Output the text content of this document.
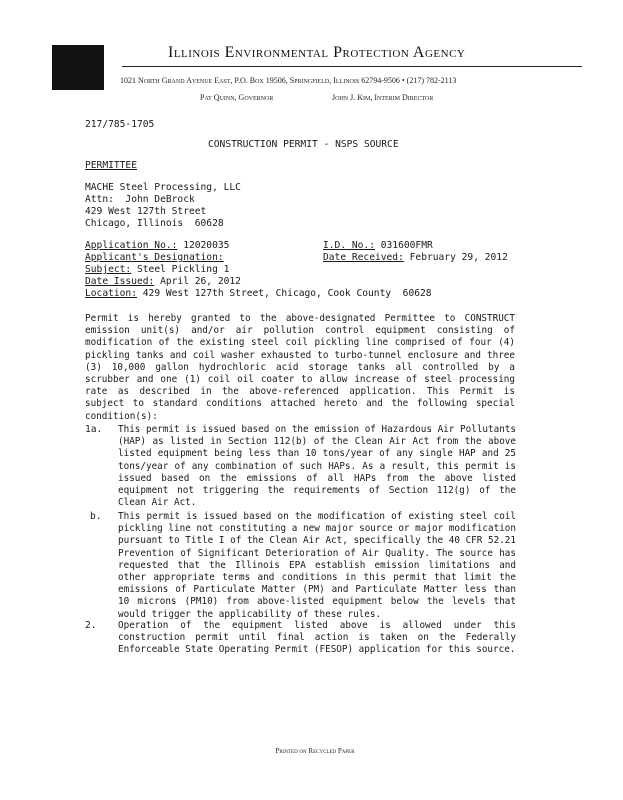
Illinois Environmental Protection Agency
1021 North Grand Avenue East, P.O. Box 19506, Springfield, Illinois 62794-9506 • (217) 782-2113
Pat Quinn, Governor	John J. Kim, Interim Director
217/785-1705
CONSTRUCTION PERMIT - NSPS SOURCE
PERMITTEE
MACHE Steel Processing, LLC
Attn:  John DeBrock
429 West 127th Street
Chicago, Illinois  60628
Application No.: 12020035	I.D. No.: 031600FMR
Applicant's Designation:	Date Received: February 29, 2012
Subject: Steel Pickling 1
Date Issued: April 26, 2012
Location: 429 West 127th Street, Chicago, Cook County  60628
Permit is hereby granted to the above-designated Permittee to CONSTRUCT emission unit(s) and/or air pollution control equipment consisting of modification of the existing steel coil pickling line comprised of four (4) pickling tanks and coil washer exhausted to turbo-tunnel enclosure and three (3) 10,000 gallon hydrochloric acid storage tanks all controlled by a scrubber and one (1) coil oil coater to allow increase of steel processing rate as described in the above-referenced application. This Permit is subject to standard conditions attached hereto and the following special condition(s):
1a. This permit is issued based on the emission of Hazardous Air Pollutants (HAP) as listed in Section 112(b) of the Clean Air Act from the above listed equipment being less than 10 tons/year of any single HAP and 25 tons/year of any combination of such HAPs. As a result, this permit is issued based on the emissions of all HAPs from the above listed equipment not triggering the requirements of Section 112(g) of the Clean Air Act.
b. This permit is issued based on the modification of existing steel coil pickling line not constituting a new major source or major modification pursuant to Title I of the Clean Air Act, specifically the 40 CFR 52.21 Prevention of Significant Deterioration of Air Quality. The source has requested that the Illinois EPA establish emission limitations and other appropriate terms and conditions in this permit that limit the emissions of Particulate Matter (PM) and Particulate Matter less than 10 microns (PM10) from above-listed equipment below the levels that would trigger the applicability of these rules.
2. Operation of the equipment listed above is allowed under this construction permit until final action is taken on the Federally Enforceable State Operating Permit (FESOP) application for this source.
Printed on Recycled Paper
